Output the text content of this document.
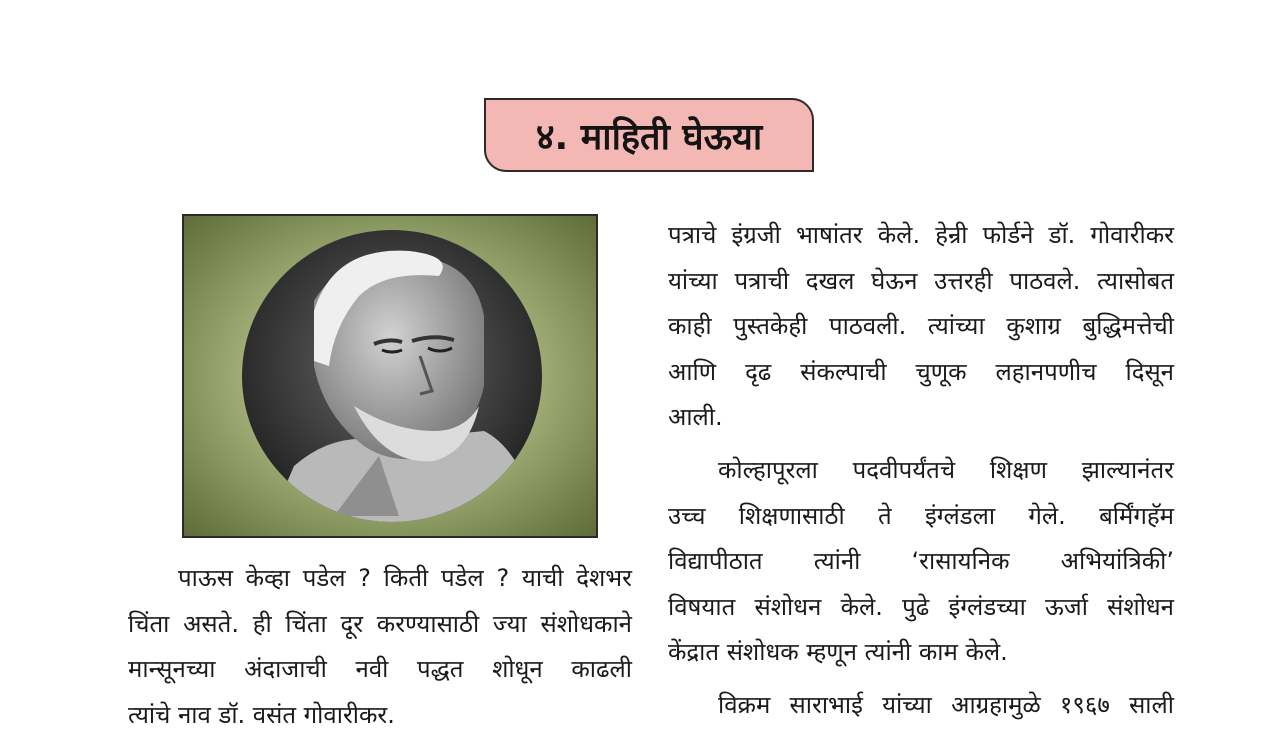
४. माहिती घेऊया
पत्राचे इंग्रजी भाषांतर केले. हेन्री फोर्डने डॉ. गोवारीकर
यांच्या पत्राची दखल घेऊन उत्तरही पाठवले. त्यासोबत
काही पुस्तकेही पाठवली. त्यांच्या कुशाग्र बुद्धिमत्तेची
आणि दृढ संकल्पाची चुणूक लहानपणीच दिसून
आली.
कोल्हापूरला पदवीपर्यंतचे शिक्षण झाल्यानंतर
उच्च शिक्षणासाठी ते इंग्लंडला गेले. बर्मिंगहॅम
विद्यापीठात त्यांनी ‘रासायनिक अभियांत्रिकी’
विषयात संशोधन केले. पुढे इंग्लंडच्या ऊर्जा संशोधन
केंद्रात संशोधक म्हणून त्यांनी काम केले.
विक्रम साराभाई यांच्या आग्रहामुळे १९६७ साली
पाऊस केव्हा पडेल ? किती पडेल ? याची देशभर
चिंता असते. ही चिंता दूर करण्यासाठी ज्या संशोधकाने
मान्सूनच्या अंदाजाची नवी पद्धत शोधून काढली
त्यांचे नाव डॉ. वसंत गोवारीकर.
